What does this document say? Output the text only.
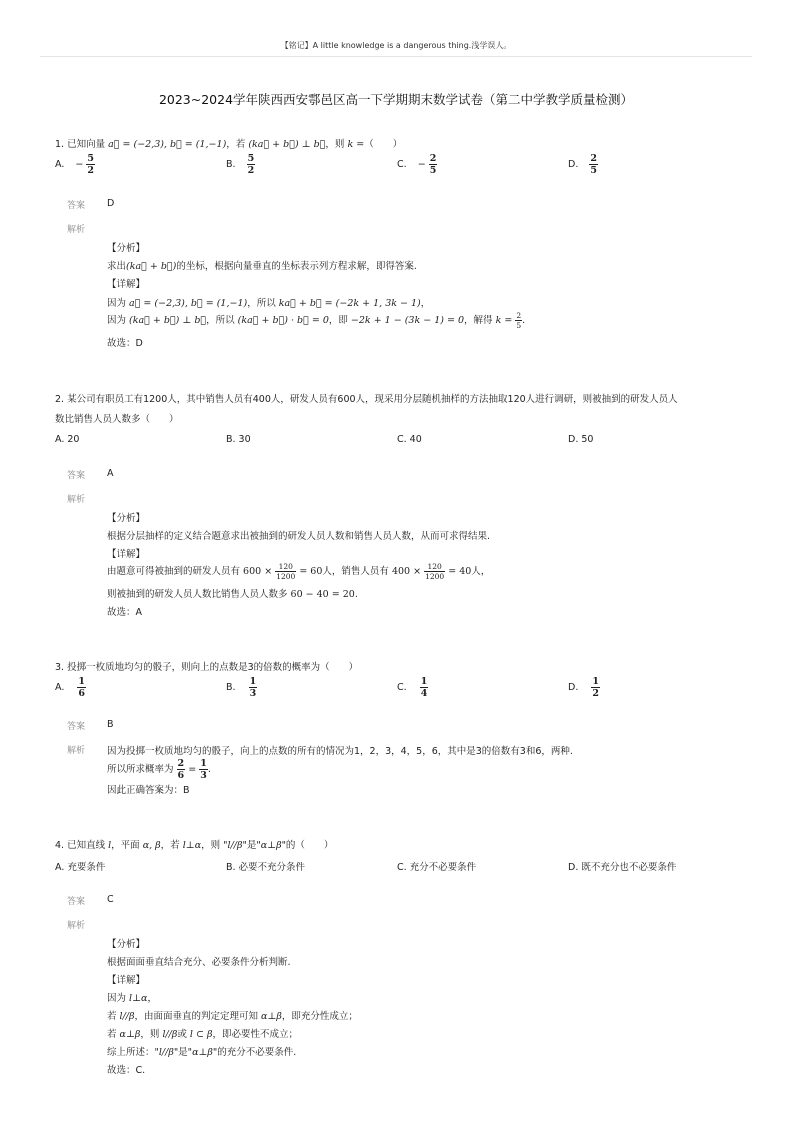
【铭记】A little knowledge is a dangerous thing.浅学误人。
2023~2024学年陕西西安鄠邑区高一下学期期末数学试卷（第二中学教学质量检测）
1. 已知向量 a⃗ = (−2,3), b⃗ = (1,−1)，若 (ka⃗ + b⃗) ⊥ b⃗，则 k =（　　）
A. − $\frac{5}{2}$	B. $\frac{5}{2}$	C. − $\frac{2}{5}$	D. $\frac{2}{5}$
答案 D
解析
【分析】
求出(ka⃗ + b⃗)的坐标，根据向量垂直的坐标表示列方程求解，即得答案.
【详解】
因为 a⃗ = (−2,3), b⃗ = (1,−1)，所以 ka⃗ + b⃗ = (−2k + 1, 3k − 1)，
因为 (ka⃗ + b⃗) ⊥ b⃗，所以 (ka⃗ + b⃗) · b⃗ = 0，即 −2k + 1 − (3k − 1) = 0，解得 $k = \frac{2}{5}$ .
故选：D
2. 某公司有职员工有1200人，其中销售人员有400人，研发人员有600人，现采用分层随机抽样的方法抽取120人进行调研，则被抽到的研发人员人
数比销售人员人数多（　　）
A. 20	B. 30	C. 40	D. 50
答案 A
解析
【分析】
根据分层抽样的定义结合题意求出被抽到的研发人员人数和销售人员人数，从而可求得结果.
【详解】
由题意可得被抽到的研发人员有 $600 \times \frac{120}{1200} = 60$人，销售人员有 $400 \times \frac{120}{1200} = 40$人，
则被抽到的研发人员人数比销售人员人数多 60 − 40 = 20.
故选：A
3. 投掷一枚质地均匀的骰子，则向上的点数是3的倍数的概率为（　　）
A. $\frac{1}{6}$	B. $\frac{1}{3}$	C. $\frac{1}{4}$	D. $\frac{1}{2}$
答案 B
解析 因为投掷一枚质地均匀的骰子，向上的点数的所有的情况为1，2，3，4，5，6，其中是3的倍数有3和6，两种.
所以所求概率为 $\frac{2}{6} = \frac{1}{3}$ .
因此正确答案为：B
4. 已知直线 l，平面 α, β，若 l⊥α，则 "l//β"是"α⊥β"的（　　）
A. 充要条件	B. 必要不充分条件	C. 充分不必要条件	D. 既不充分也不必要条件
答案 C
解析
【分析】
根据面面垂直结合充分、必要条件分析判断.
【详解】
因为 l⊥α，
若 l//β，由面面垂直的判定定理可知 α⊥β，即充分性成立；
若 α⊥β，则 l//β或 l ⊂ β，即必要性不成立；
综上所述："l//β"是"α⊥β"的充分不必要条件.
故选：C.
